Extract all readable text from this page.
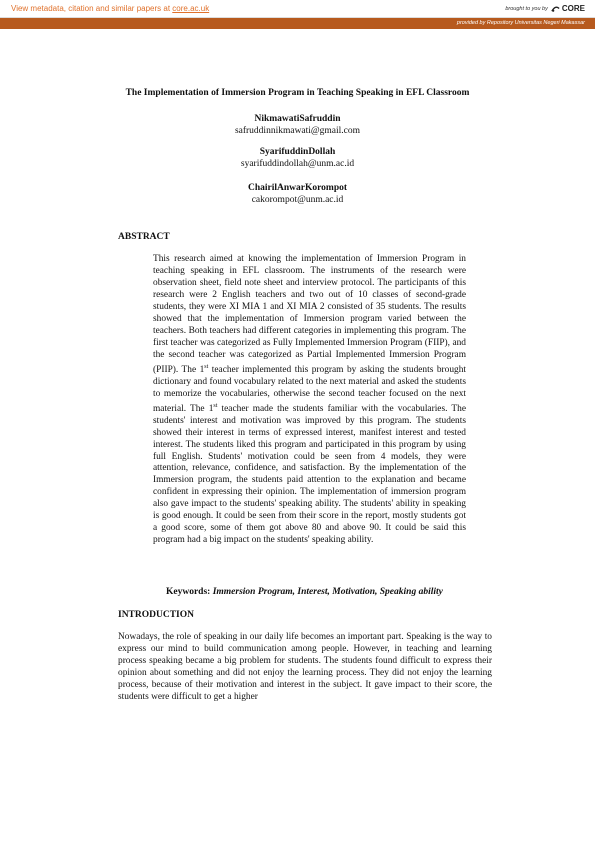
View metadata, citation and similar papers at core.ac.uk	brought to you by CORE
provided by Repository Universitas Negeri Makassar
The Implementation of Immersion Program in Teaching Speaking in EFL Classroom
NikmawatiSafruddin
safruddinnikmawati@gmail.com
SyarifuddinDollah
syarifuddindollah@unm.ac.id
ChairilAnwarKorompot
cakorompot@unm.ac.id
ABSTRACT

This research aimed at knowing the implementation of Immersion Program in teaching speaking in EFL classroom. The instruments of the research were observation sheet, field note sheet and interview protocol. The participants of this research were 2 English teachers and two out of 10 classes of second-grade students, they were XI MIA 1 and XI MIA 2 consisted of 35 students. The results showed that the implementation of Immersion program varied between the teachers. Both teachers had different categories in implementing this program. The first teacher was categorized as Fully Implemented Immersion Program (FIIP), and the second teacher was categorized as Partial Implemented Immersion Program (PIIP). The 1st teacher implemented this program by asking the students brought dictionary and found vocabulary related to the next material and asked the students to memorize the vocabularies, otherwise the second teacher focused on the next material. The 1st teacher made the students familiar with the vocabularies. The students' interest and motivation was improved by this program. The students showed their interest in terms of expressed interest, manifest interest and tested interest. The students liked this program and participated in this program by using full English. Students' motivation could be seen from 4 models, they were attention, relevance, confidence, and satisfaction. By the implementation of the Immersion program, the students paid attention to the explanation and became confident in expressing their opinion. The implementation of immersion program also gave impact to the students' speaking ability. The students' ability in speaking is good enough. It could be seen from their score in the report, mostly students got a good score, some of them got above 80 and above 90. It could be said this program had a big impact on the students' speaking ability.

Keywords: Immersion Program, Interest, Motivation, Speaking ability
INTRODUCTION

Nowadays, the role of speaking in our daily life becomes an important part. Speaking is the way to express our mind to build communication among people. However, in teaching and learning process speaking became a big problem for students. The students found difficult to express their opinion about something and did not enjoy the learning process. They did not enjoy the learning process, because of their motivation and interest in the subject. It gave impact to their score, the students were difficult to get a higher
